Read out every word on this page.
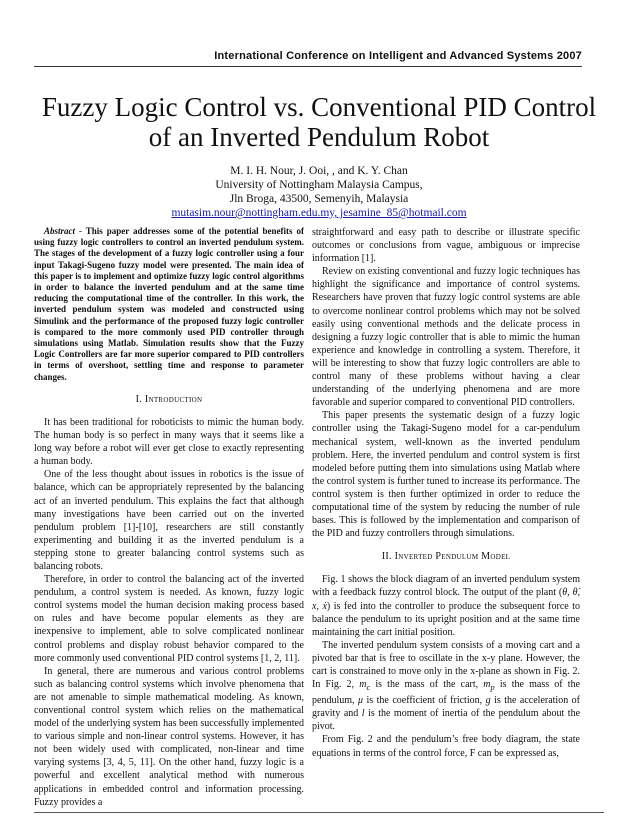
International Conference on Intelligent and Advanced Systems 2007
Fuzzy Logic Control vs. Conventional PID Control
of an Inverted Pendulum Robot
M. I. H. Nour, J. Ooi, , and K. Y. Chan
University of Nottingham Malaysia Campus,
Jln Broga, 43500, Semenyih, Malaysia
mutasim.nour@nottingham.edu.my, jesamine_85@hotmail.com

Abstract - This paper addresses some of the potential benefits of using fuzzy logic controllers to control an inverted pendulum system. The stages of the development of a fuzzy logic controller using a four input Takagi-Sugeno fuzzy model were presented. The main idea of this paper is to implement and optimize fuzzy logic control algorithms in order to balance the inverted pendulum and at the same time reducing the computational time of the controller. In this work, the inverted pendulum system was modeled and constructed using Simulink and the performance of the proposed fuzzy logic controller is compared to the more commonly used PID controller through simulations using Matlab. Simulation results show that the Fuzzy Logic Controllers are far more superior compared to PID controllers in terms of overshoot, settling time and response to parameter changes.

I. Introduction

It has been traditional for roboticists to mimic the human body. The human body is so perfect in many ways that it seems like a long way before a robot will ever get close to exactly representing a human body.

One of the less thought about issues in robotics is the issue of balance, which can be appropriately represented by the balancing act of an inverted pendulum. This explains the fact that although many investigations have been carried out on the inverted pendulum problem [1]-[10], researchers are still constantly experimenting and building it as the inverted pendulum is a stepping stone to greater balancing control systems such as balancing robots.

Therefore, in order to control the balancing act of the inverted pendulum, a control system is needed. As known, fuzzy logic control systems model the human decision making process based on rules and have become popular elements as they are inexpensive to implement, able to solve complicated nonlinear control problems and display robust behavior compared to the more commonly used conventional PID control systems [1, 2, 11].

In general, there are numerous and various control problems such as balancing control systems which involve phenomena that are not amenable to simple mathematical modeling. As known, conventional control system which relies on the mathematical model of the underlying system has been successfully implemented to various simple and non-linear control systems. However, it has not been widely used with complicated, non-linear and time varying systems [3, 4, 5, 11]. On the other hand, fuzzy logic is a powerful and excellent analytical method with numerous applications in embedded control and information processing. Fuzzy provides a

straightforward and easy path to describe or illustrate specific outcomes or conclusions from vague, ambiguous or imprecise information [1].

Review on existing conventional and fuzzy logic techniques has highlight the significance and importance of control systems. Researchers have proven that fuzzy logic control systems are able to overcome nonlinear control problems which may not be solved easily using conventional methods and the delicate process in designing a fuzzy logic controller that is able to mimic the human experience and knowledge in controlling a system. Therefore, it will be interesting to show that fuzzy logic controllers are able to control many of these problems without having a clear understanding of the underlying phenomena and are more favorable and superior compared to conventional PID controllers.

This paper presents the systematic design of a fuzzy logic controller using the Takagi-Sugeno model for a car-pendulum mechanical system, well-known as the inverted pendulum problem. Here, the inverted pendulum and control system is first modeled before putting them into simulations using Matlab where the control system is further tuned to increase its performance. The control system is then further optimized in order to reduce the computational time of the system by reducing the number of rule bases. This is followed by the implementation and comparison of the PID and fuzzy controllers through simulations.

II. Inverted Pendulum Model

Fig. 1 shows the block diagram of an inverted pendulum system with a feedback fuzzy control block. The output of the plant (θ, θ̇, x, ẋ) is fed into the controller to produce the subsequent force to balance the pendulum to its upright position and at the same time maintaining the cart initial position.

The inverted pendulum system consists of a moving cart and a pivoted bar that is free to oscillate in the x-y plane. However, the cart is constrained to move only in the x-plane as shown in Fig. 2. In Fig. 2, $m_c$ is the mass of the cart, $m_p$ is the mass of the pendulum, μ is the coefficient of friction, g is the acceleration of gravity and l is the moment of inertia of the pendulum about the pivot.

From Fig. 2 and the pendulum’s free body diagram, the state equations in terms of the control force, F can be expressed as,
